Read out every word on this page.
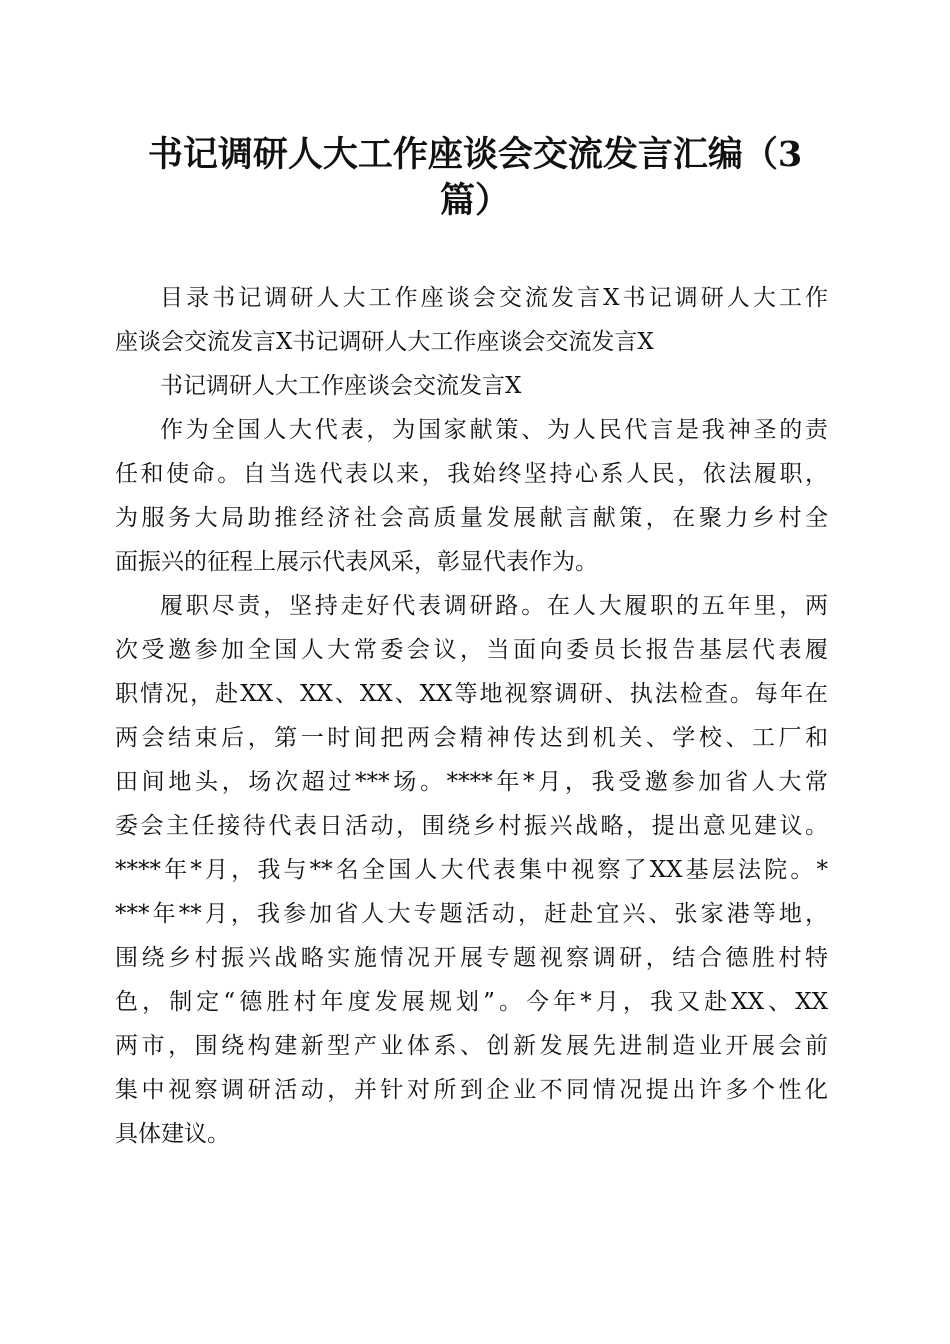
书记调研人大工作座谈会交流发言汇编（3
篇）
目录书记调研人大工作座谈会交流发言X书记调研人大工作
座谈会交流发言X书记调研人大工作座谈会交流发言X
书记调研人大工作座谈会交流发言X
作为全国人大代表，为国家献策、为人民代言是我神圣的责
任和使命。自当选代表以来，我始终坚持心系人民，依法履职，
为服务大局助推经济社会高质量发展献言献策，在聚力乡村全
面振兴的征程上展示代表风采，彰显代表作为。
履职尽责，坚持走好代表调研路。在人大履职的五年里，两
次受邀参加全国人大常委会议，当面向委员长报告基层代表履
职情况，赴XX、XX、XX、XX等地视察调研、执法检查。每年在
两会结束后，第一时间把两会精神传达到机关、学校、工厂和
田间地头，场次超过***场。****年*月，我受邀参加省人大常
委会主任接待代表日活动，围绕乡村振兴战略，提出意见建议。
****年*月，我与**名全国人大代表集中视察了XX基层法院。*
***年**月，我参加省人大专题活动，赶赴宜兴、张家港等地，
围绕乡村振兴战略实施情况开展专题视察调研，结合德胜村特
色，制定“德胜村年度发展规划”。今年*月，我又赴XX、XX
两市，围绕构建新型产业体系、创新发展先进制造业开展会前
集中视察调研活动，并针对所到企业不同情况提出许多个性化
具体建议。
